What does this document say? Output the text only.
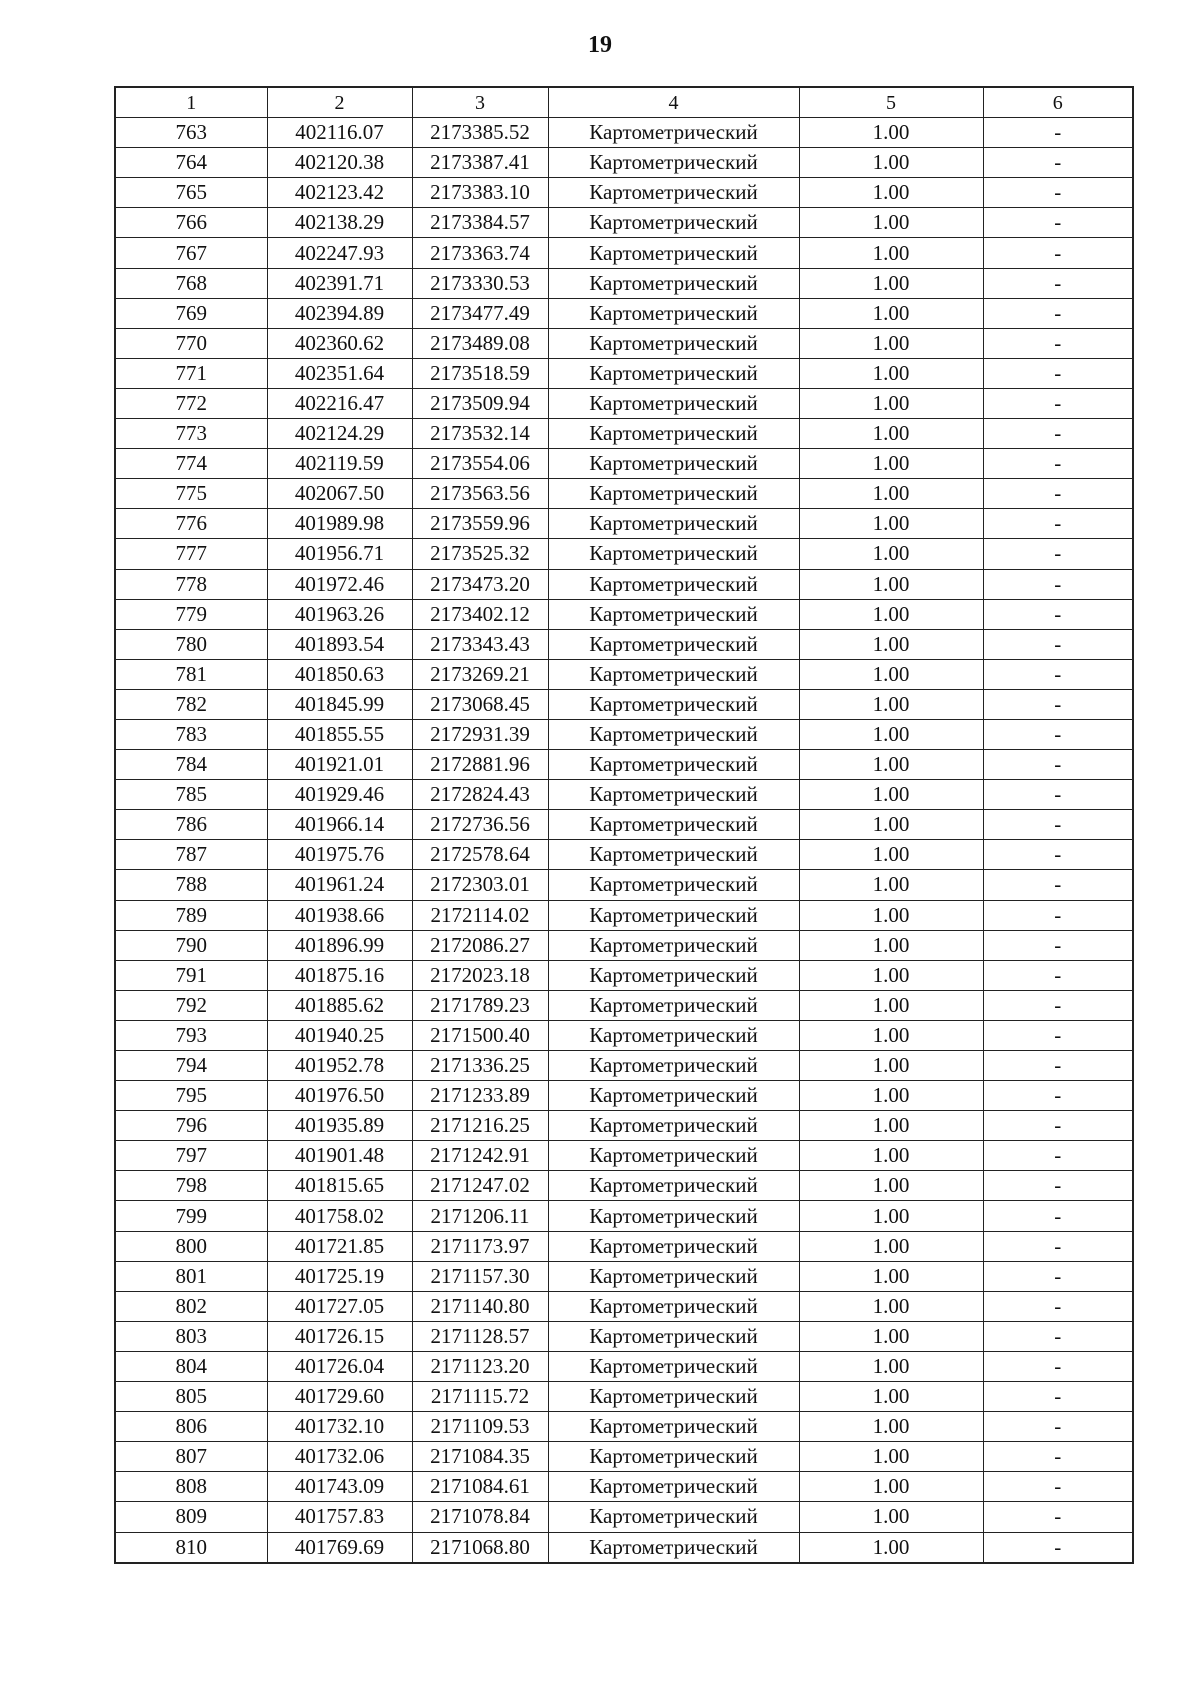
19
1	2	3	4	5	6
763	402116.07	2173385.52	Картометрический	1.00	-
764	402120.38	2173387.41	Картометрический	1.00	-
765	402123.42	2173383.10	Картометрический	1.00	-
766	402138.29	2173384.57	Картометрический	1.00	-
767	402247.93	2173363.74	Картометрический	1.00	-
768	402391.71	2173330.53	Картометрический	1.00	-
769	402394.89	2173477.49	Картометрический	1.00	-
770	402360.62	2173489.08	Картометрический	1.00	-
771	402351.64	2173518.59	Картометрический	1.00	-
772	402216.47	2173509.94	Картометрический	1.00	-
773	402124.29	2173532.14	Картометрический	1.00	-
774	402119.59	2173554.06	Картометрический	1.00	-
775	402067.50	2173563.56	Картометрический	1.00	-
776	401989.98	2173559.96	Картометрический	1.00	-
777	401956.71	2173525.32	Картометрический	1.00	-
778	401972.46	2173473.20	Картометрический	1.00	-
779	401963.26	2173402.12	Картометрический	1.00	-
780	401893.54	2173343.43	Картометрический	1.00	-
781	401850.63	2173269.21	Картометрический	1.00	-
782	401845.99	2173068.45	Картометрический	1.00	-
783	401855.55	2172931.39	Картометрический	1.00	-
784	401921.01	2172881.96	Картометрический	1.00	-
785	401929.46	2172824.43	Картометрический	1.00	-
786	401966.14	2172736.56	Картометрический	1.00	-
787	401975.76	2172578.64	Картометрический	1.00	-
788	401961.24	2172303.01	Картометрический	1.00	-
789	401938.66	2172114.02	Картометрический	1.00	-
790	401896.99	2172086.27	Картометрический	1.00	-
791	401875.16	2172023.18	Картометрический	1.00	-
792	401885.62	2171789.23	Картометрический	1.00	-
793	401940.25	2171500.40	Картометрический	1.00	-
794	401952.78	2171336.25	Картометрический	1.00	-
795	401976.50	2171233.89	Картометрический	1.00	-
796	401935.89	2171216.25	Картометрический	1.00	-
797	401901.48	2171242.91	Картометрический	1.00	-
798	401815.65	2171247.02	Картометрический	1.00	-
799	401758.02	2171206.11	Картометрический	1.00	-
800	401721.85	2171173.97	Картометрический	1.00	-
801	401725.19	2171157.30	Картометрический	1.00	-
802	401727.05	2171140.80	Картометрический	1.00	-
803	401726.15	2171128.57	Картометрический	1.00	-
804	401726.04	2171123.20	Картометрический	1.00	-
805	401729.60	2171115.72	Картометрический	1.00	-
806	401732.10	2171109.53	Картометрический	1.00	-
807	401732.06	2171084.35	Картометрический	1.00	-
808	401743.09	2171084.61	Картометрический	1.00	-
809	401757.83	2171078.84	Картометрический	1.00	-
810	401769.69	2171068.80	Картометрический	1.00	-
